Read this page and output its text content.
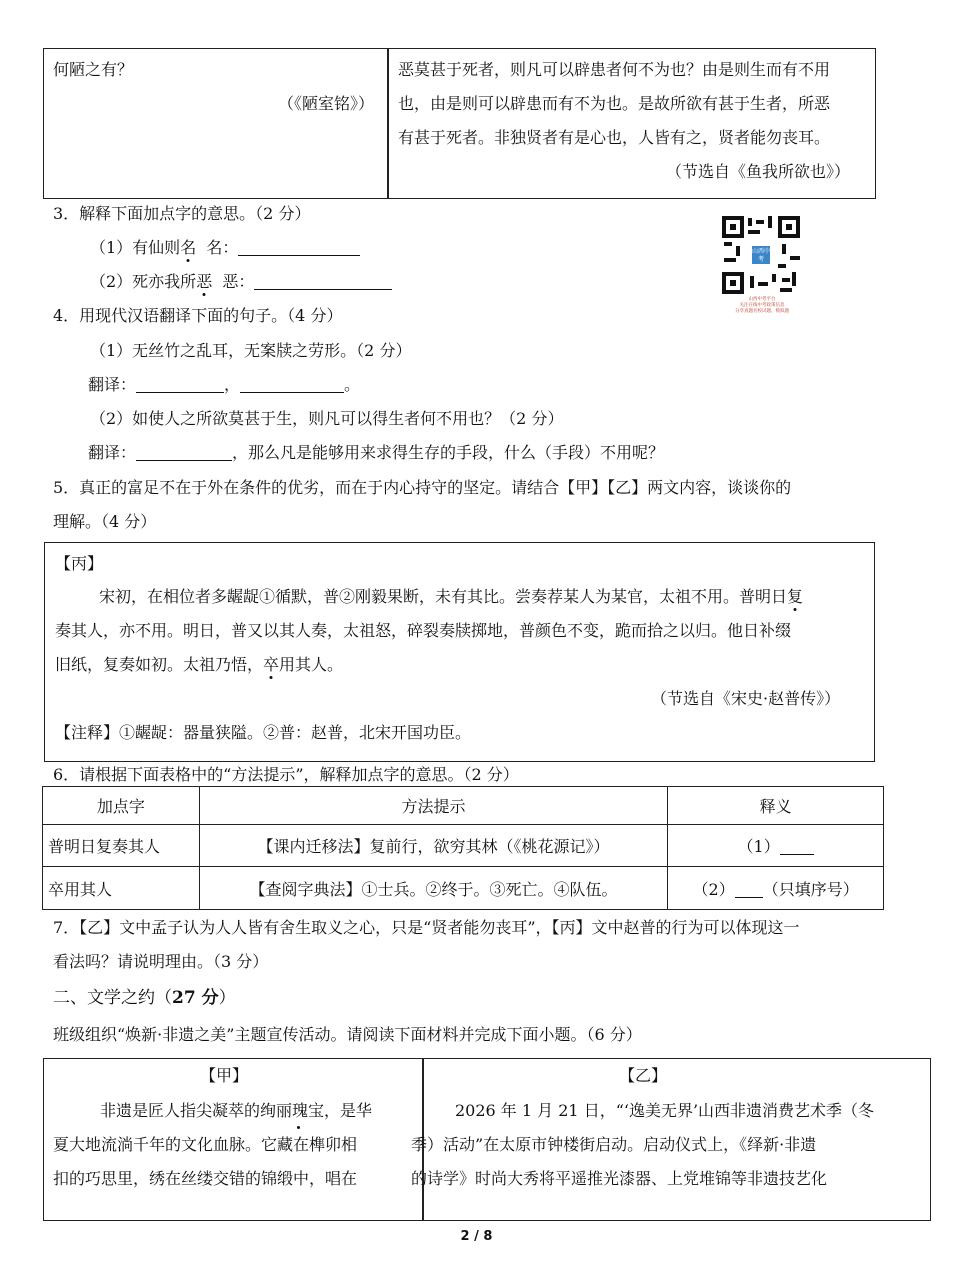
何陋之有？
（《陋室铭》）
恶莫甚于死者，则凡可以辟患者何不为也？由是则生而有不用
也，由是则可以辟患而有不为也。是故所欲有甚于生者，所恶
有甚于死者。非独贤者有是心也，人皆有之，贤者能勿丧耳。
（节选自《鱼我所欲也》）
3．解释下面加点字的意思。（2 分）
（1）有仙则名 名：
（2）死亦我所恶 恶：
山西中考
山西中考平台
关注在线中考政策信息
分享真题名校试题、模拟题
4．用现代汉语翻译下面的句子。（4 分）
（1）无丝竹之乱耳，无案牍之劳形。（2 分）
翻译：	，	。
（2）如使人之所欲莫甚于生，则凡可以得生者何不用也？（2 分）
翻译：	，那么凡是能够用来求得生存的手段，什么（手段）不用呢？
5．真正的富足不在于外在条件的优劣，而在于内心持守的坚定。请结合【甲】【乙】两文内容，谈谈你的
理解。（4 分）
【丙】
宋初，在相位者多龌龊①循默，普②刚毅果断，未有其比。尝奏荐某人为某官，太祖不用。普明日复
奏其人，亦不用。明日，普又以其人奏，太祖怒，碎裂奏牍掷地，普颜色不变，跪而拾之以归。他日补缀
旧纸，复奏如初。太祖乃悟，卒用其人。
（节选自《宋史·赵普传》）
【注释】①龌龊：器量狭隘。②普：赵普，北宋开国功臣。
6．请根据下面表格中的“方法提示”，解释加点字的意思。（2 分）
加点字	方法提示	释义
普明日复奏其人	【课内迁移法】复前行，欲穷其林（《桃花源记》）	（1）
卒用其人	【查阅字典法】①士兵。②终于。③死亡。④队伍。	（2） （只填序号）
7．【乙】文中孟子认为人人皆有舍生取义之心，只是“贤者能勿丧耳”，【丙】文中赵普的行为可以体现这一
看法吗？请说明理由。（3 分）
二、文学之约（27 分）
班级组织“焕新·非遗之美”主题宣传活动。请阅读下面材料并完成下面小题。（6 分）
【甲】
非遗是匠人指尖凝萃的绚丽瑰宝，是华
夏大地流淌千年的文化血脉。它藏在榫卯相
扣的巧思里，绣在丝缕交错的锦缎中，唱在
【乙】
2026 年 1 月 21 日，“‘逸美无界’山西非遗消费艺术季（冬
季）活动”在太原市钟楼街启动。启动仪式上，《绎新·非遗
的诗学》时尚大秀将平遥推光漆器、上党堆锦等非遗技艺化
2 / 8
